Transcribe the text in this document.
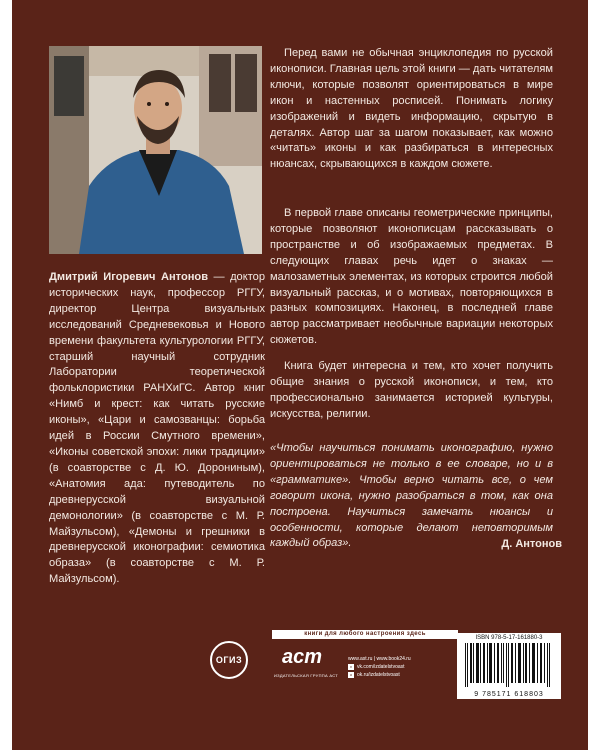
Дмитрий Игоревич Антонов — доктор исторических наук, профессор РГГУ, директор Центра визуальных исследований Средневековья и Нового времени факультета культурологии РГГУ, старший научный сотрудник Лаборатории теоретической фольклористики РАНХиГС. Автор книг «Нимб и крест: как читать русские иконы», «Цари и самозванцы: борьба идей в России Смутного времени», «Иконы советской эпохи: лики традиции» (в соавторстве с Д. Ю. Дорониным), «Анатомия ада: путеводитель по древнерусской визуальной демонологии» (в соавторстве с М. Р. Майзульсом), «Демоны и грешники в древнерусской иконографии: семиотика образа» (в соавторстве с М. Р. Майзульсом).

Перед вами не обычная энциклопедия по русской иконописи. Главная цель этой книги — дать читателям ключи, которые позволят ориентироваться в мире икон и настенных росписей. Понимать логику изображений и видеть информацию, скрытую в деталях. Автор шаг за шагом показывает, как можно «читать» иконы и как разбираться в интересных нюансах, скрывающихся в каждом сюжете.

В первой главе описаны геометрические принципы, которые позволяют иконописцам рассказывать о пространстве и об изображаемых предметах. В следующих главах речь идет о знаках — малозаметных элементах, из которых строится любой визуальный рассказ, и о мотивах, повторяющихся в разных композициях. Наконец, в последней главе автор рассматривает необычные вариации некоторых сюжетов.

Книга будет интересна и тем, кто хочет получить общие знания о русской иконописи, и тем, кто профессионально занимается историей культуры, искусства, религии.

«Чтобы научиться понимать иконографию, нужно ориентироваться не только в ее словаре, но и в «грамматике». Чтобы верно читать все, о чем говорит икона, нужно разобраться в том, как она построена. Научиться замечать нюансы и особенности, которые делают неповторимым каждый образ».	Д. Антонов
ОГИЗ
книги для любого настроения здесь
аст
ИЗДАТЕЛЬСКАЯ ГРУППА АСТ
www.ast.ru | www.book24.ru
v	vk.com/izdatelstvoast
o ok.ru/izdatelstvoast
ISBN 978-5-17-161880-3
9 785171 618803
